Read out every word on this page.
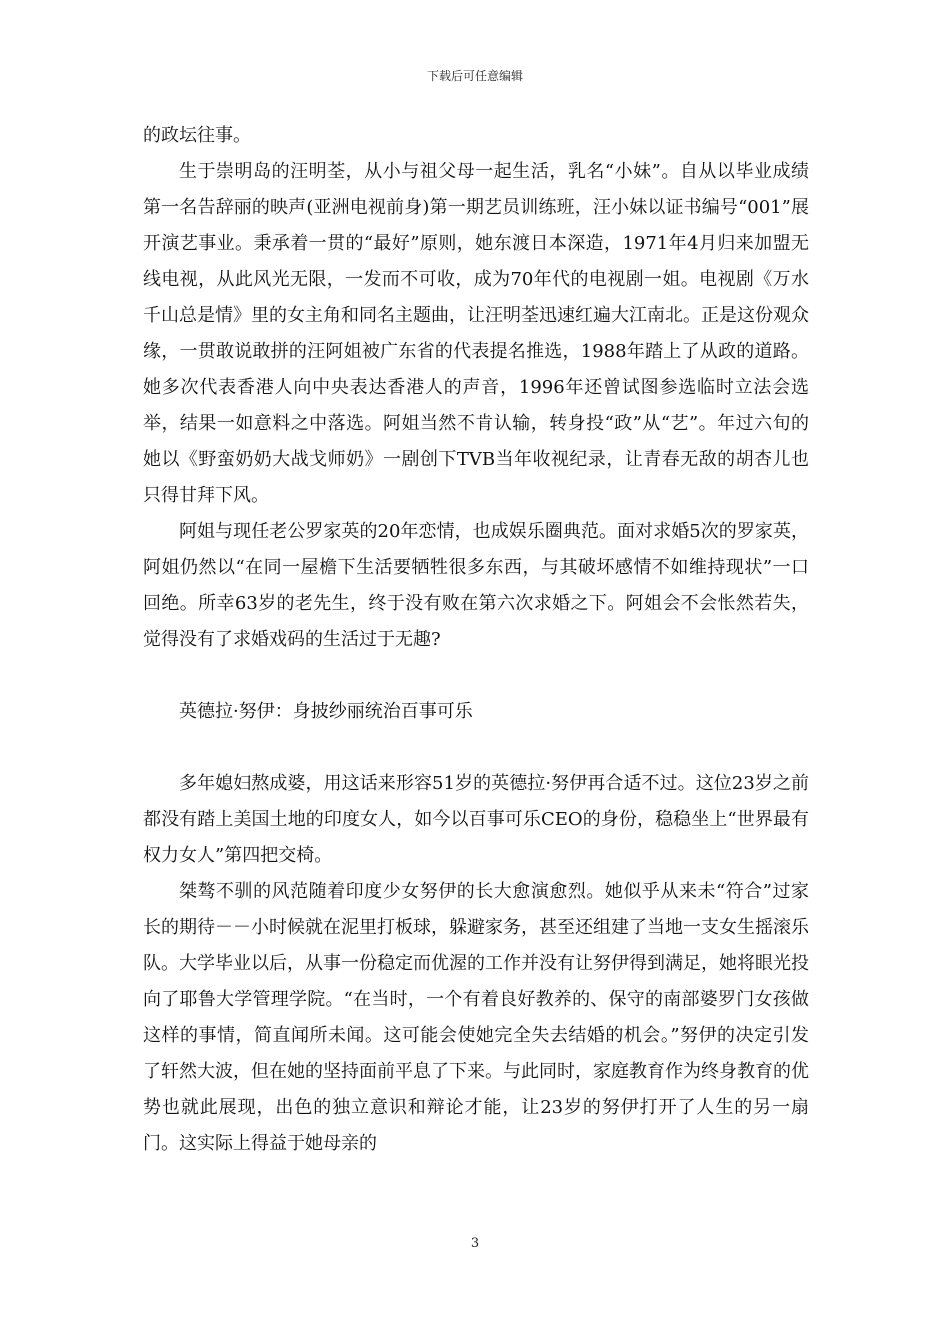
下载后可任意编辑

的政坛往事。

生于崇明岛的汪明荃，从小与祖父母一起生活，乳名“小妹”。自从以毕业成绩第一名告辞丽的映声(亚洲电视前身)第一期艺员训练班，汪小妹以证书编号“001”展开演艺事业。秉承着一贯的“最好”原则，她东渡日本深造，1971年4月归来加盟无线电视，从此风光无限，一发而不可收，成为70年代的电视剧一姐。电视剧《万水千山总是情》里的女主角和同名主题曲，让汪明荃迅速红遍大江南北。正是这份观众缘，一贯敢说敢拼的汪阿姐被广东省的代表提名推选，1988年踏上了从政的道路。她多次代表香港人向中央表达香港人的声音，1996年还曾试图参选临时立法会选举，结果一如意料之中落选。阿姐当然不肯认输，转身投“政”从“艺”。年过六旬的她以《野蛮奶奶大战戈师奶》一剧创下TVB当年收视纪录，让青春无敌的胡杏儿也只得甘拜下风。

阿姐与现任老公罗家英的20年恋情，也成娱乐圈典范。面对求婚5次的罗家英，阿姐仍然以“在同一屋檐下生活要牺牲很多东西，与其破坏感情不如维持现状”一口回绝。所幸63岁的老先生，终于没有败在第六次求婚之下。阿姐会不会怅然若失，觉得没有了求婚戏码的生活过于无趣?

英德拉·努伊：身披纱丽统治百事可乐

多年媳妇熬成婆，用这话来形容51岁的英德拉·努伊再合适不过。这位23岁之前都没有踏上美国土地的印度女人，如今以百事可乐CEO的身份，稳稳坐上“世界最有权力女人”第四把交椅。

桀骜不驯的风范随着印度少女努伊的长大愈演愈烈。她似乎从来未“符合”过家长的期待－－小时候就在泥里打板球，躲避家务，甚至还组建了当地一支女生摇滚乐队。大学毕业以后，从事一份稳定而优渥的工作并没有让努伊得到满足，她将眼光投向了耶鲁大学管理学院。“在当时，一个有着良好教养的、保守的南部婆罗门女孩做这样的事情，简直闻所未闻。这可能会使她完全失去结婚的机会。”努伊的决定引发了轩然大波，但在她的坚持面前平息了下来。与此同时，家庭教育作为终身教育的优势也就此展现，出色的独立意识和辩论才能，让23岁的努伊打开了人生的另一扇门。这实际上得益于她母亲的

3
